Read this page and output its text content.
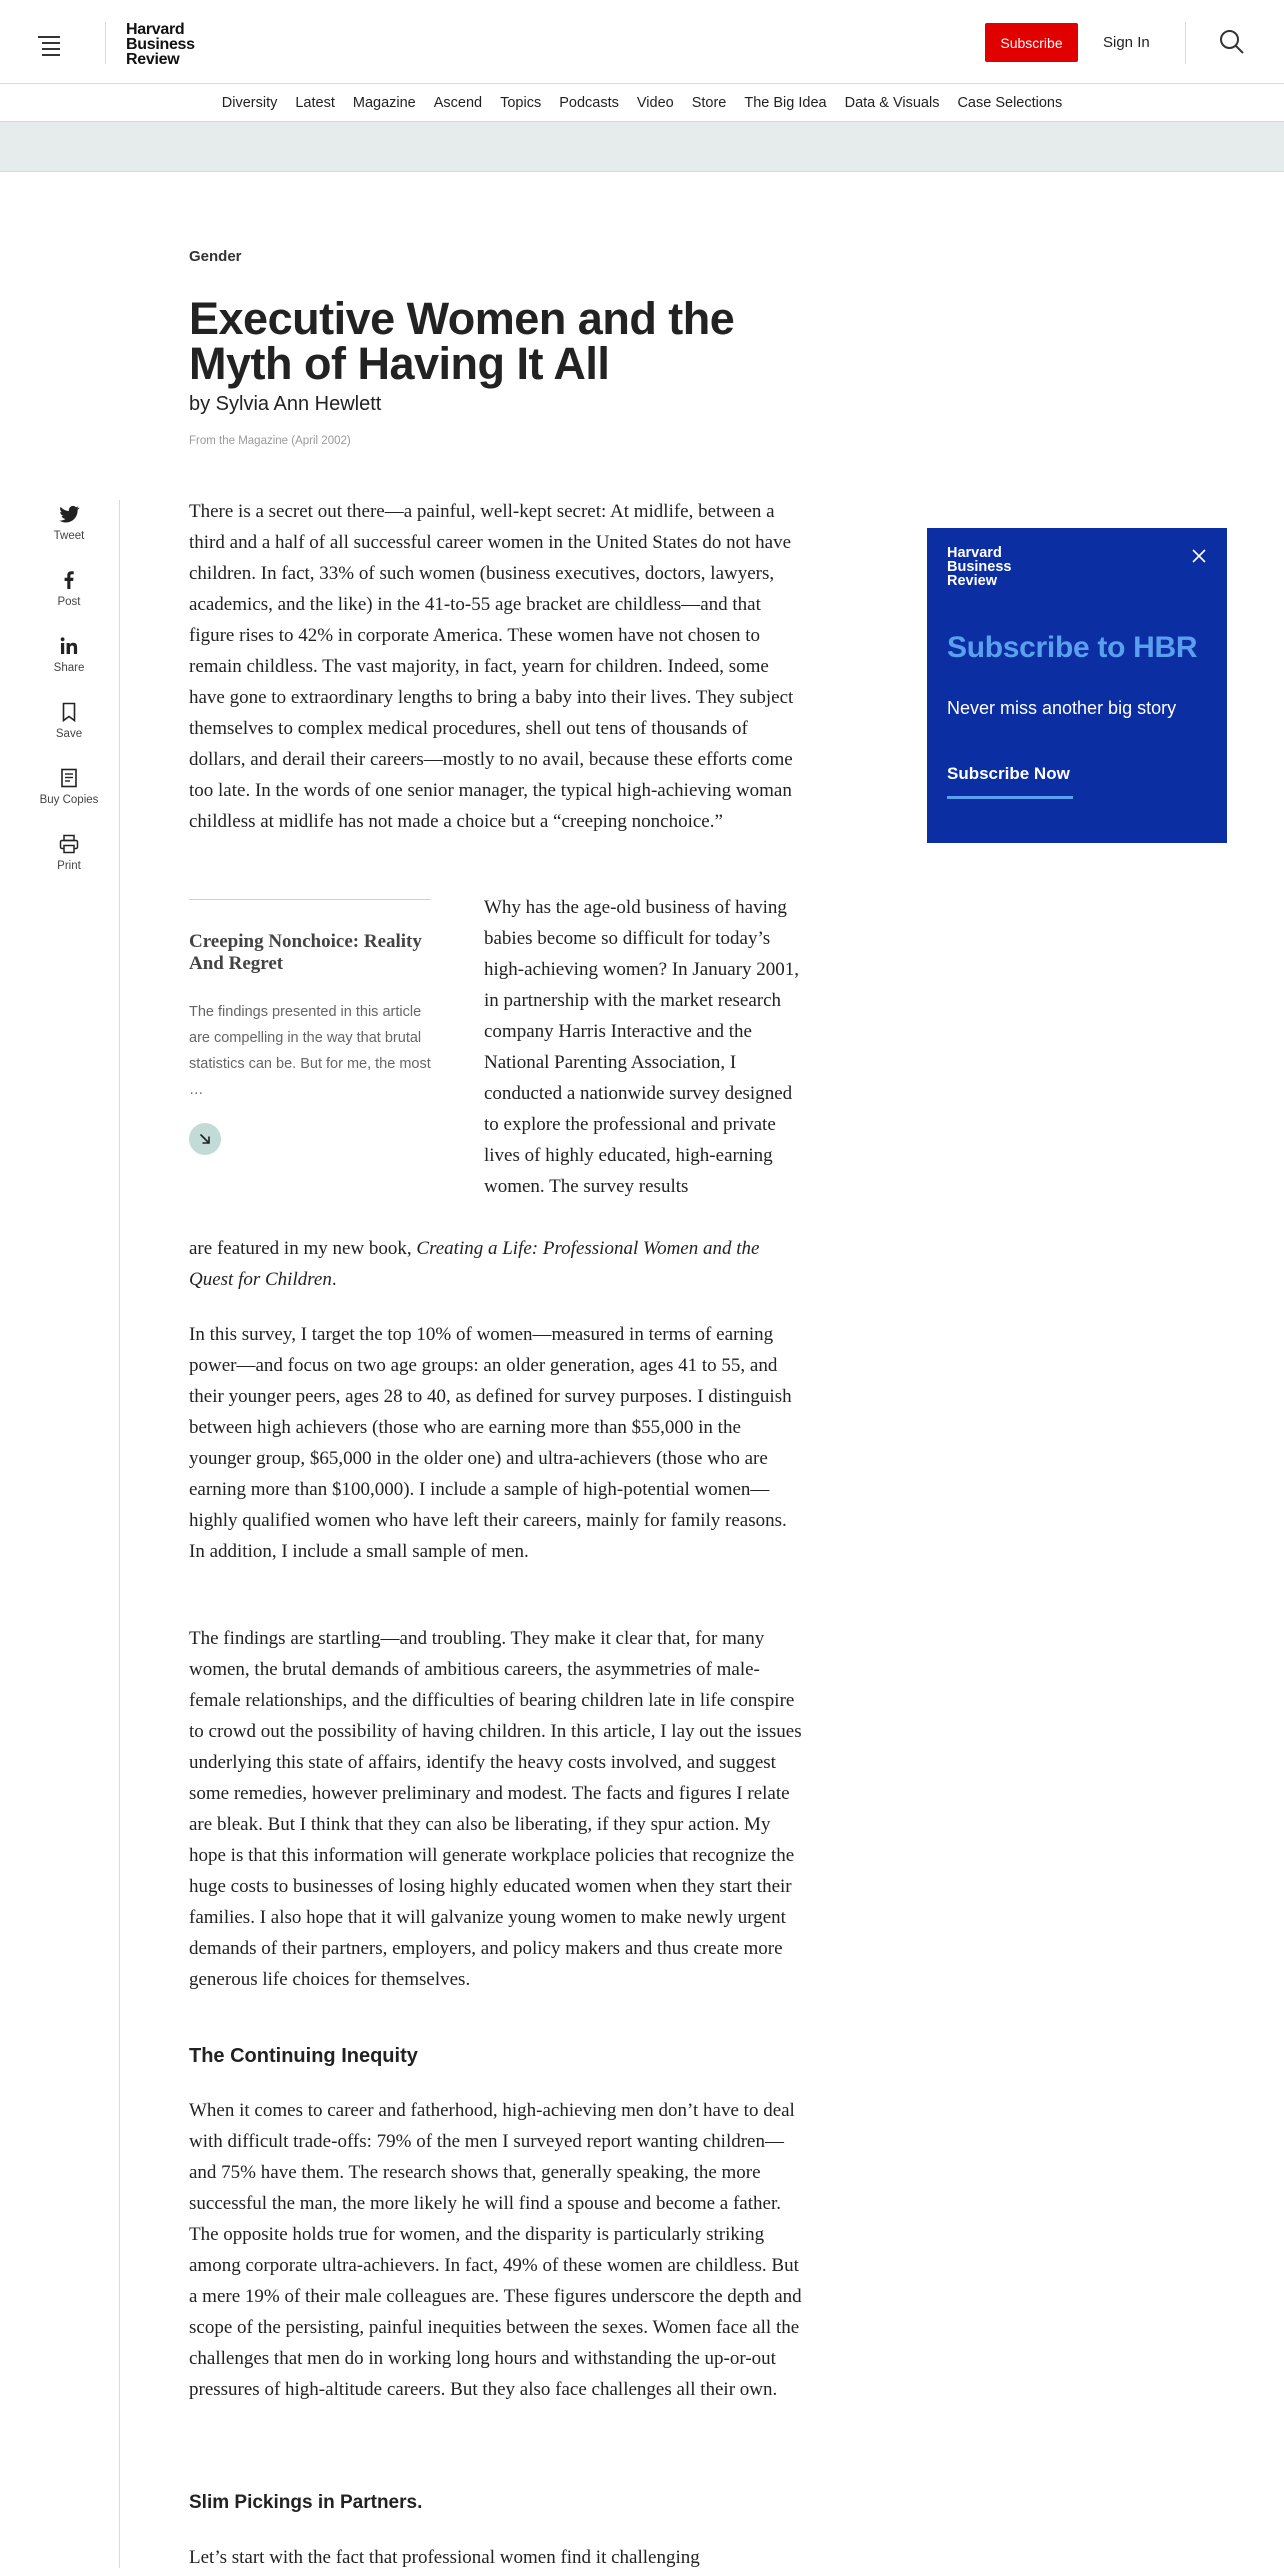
Harvard Business Review
Subscribe	Sign In
Diversity Latest Magazine Ascend Topics Podcasts Video Store The Big Idea Data & Visuals Case Selections
Gender
Executive Women and the Myth of Having It All
by Sylvia Ann Hewlett
From the Magazine (April 2002)
Tweet
Post
Share
Save
Buy Copies
Print

There is a secret out there—a painful, well-kept secret: At midlife, between a third and a half of all successful career women in the United States do not have children. In fact, 33% of such women (business executives, doctors, lawyers, academics, and the like) in the 41-to-55 age bracket are childless—and that figure rises to 42% in corporate America. These women have not chosen to remain childless. The vast majority, in fact, yearn for children. Indeed, some have gone to extraordinary lengths to bring a baby into their lives. They subject themselves to complex medical procedures, shell out tens of thousands of dollars, and derail their careers—mostly to no avail, because these efforts come too late. In the words of one senior manager, the typical high-achieving woman childless at midlife has not made a choice but a “creeping nonchoice.”

Creeping Nonchoice: Reality And Regret
The findings presented in this article are compelling in the way that brutal statistics can be. But for me, the most …

Why has the age-old business of having babies become so difficult for today’s high-achieving women? In January 2001, in partnership with the market research company Harris Interactive and the National Parenting Association, I conducted a nationwide survey designed to explore the professional and private lives of highly educated, high-earning women. The survey results

are featured in my new book, Creating a Life: Professional Women and the Quest for Children.

In this survey, I target the top 10% of women—measured in terms of earning power—and focus on two age groups: an older generation, ages 41 to 55, and their younger peers, ages 28 to 40, as defined for survey purposes. I distinguish between high achievers (those who are earning more than $55,000 in the younger group, $65,000 in the older one) and ultra-achievers (those who are earning more than $100,000). I include a sample of high-potential women—highly qualified women who have left their careers, mainly for family reasons. In addition, I include a small sample of men.

The findings are startling—and troubling. They make it clear that, for many women, the brutal demands of ambitious careers, the asymmetries of male-female relationships, and the difficulties of bearing children late in life conspire to crowd out the possibility of having children. In this article, I lay out the issues underlying this state of affairs, identify the heavy costs involved, and suggest some remedies, however preliminary and modest. The facts and figures I relate are bleak. But I think that they can also be liberating, if they spur action. My hope is that this information will generate workplace policies that recognize the huge costs to businesses of losing highly educated women when they start their families. I also hope that it will galvanize young women to make newly urgent demands of their partners, employers, and policy makers and thus create more generous life choices for themselves.

The Continuing Inequity

When it comes to career and fatherhood, high-achieving men don’t have to deal with difficult trade-offs: 79% of the men I surveyed report wanting children—and 75% have them. The research shows that, generally speaking, the more successful the man, the more likely he will find a spouse and become a father. The opposite holds true for women, and the disparity is particularly striking among corporate ultra-achievers. In fact, 49% of these women are childless. But a mere 19% of their male colleagues are. These figures underscore the depth and scope of the persisting, painful inequities between the sexes. Women face all the challenges that men do in working long hours and withstanding the up-or-out pressures of high-altitude careers. But they also face challenges all their own.

Slim Pickings in Partners.

Let’s start with the fact that professional women find it challenging

Harvard Business Review
Subscribe to HBR
Never miss another big story
Subscribe Now
